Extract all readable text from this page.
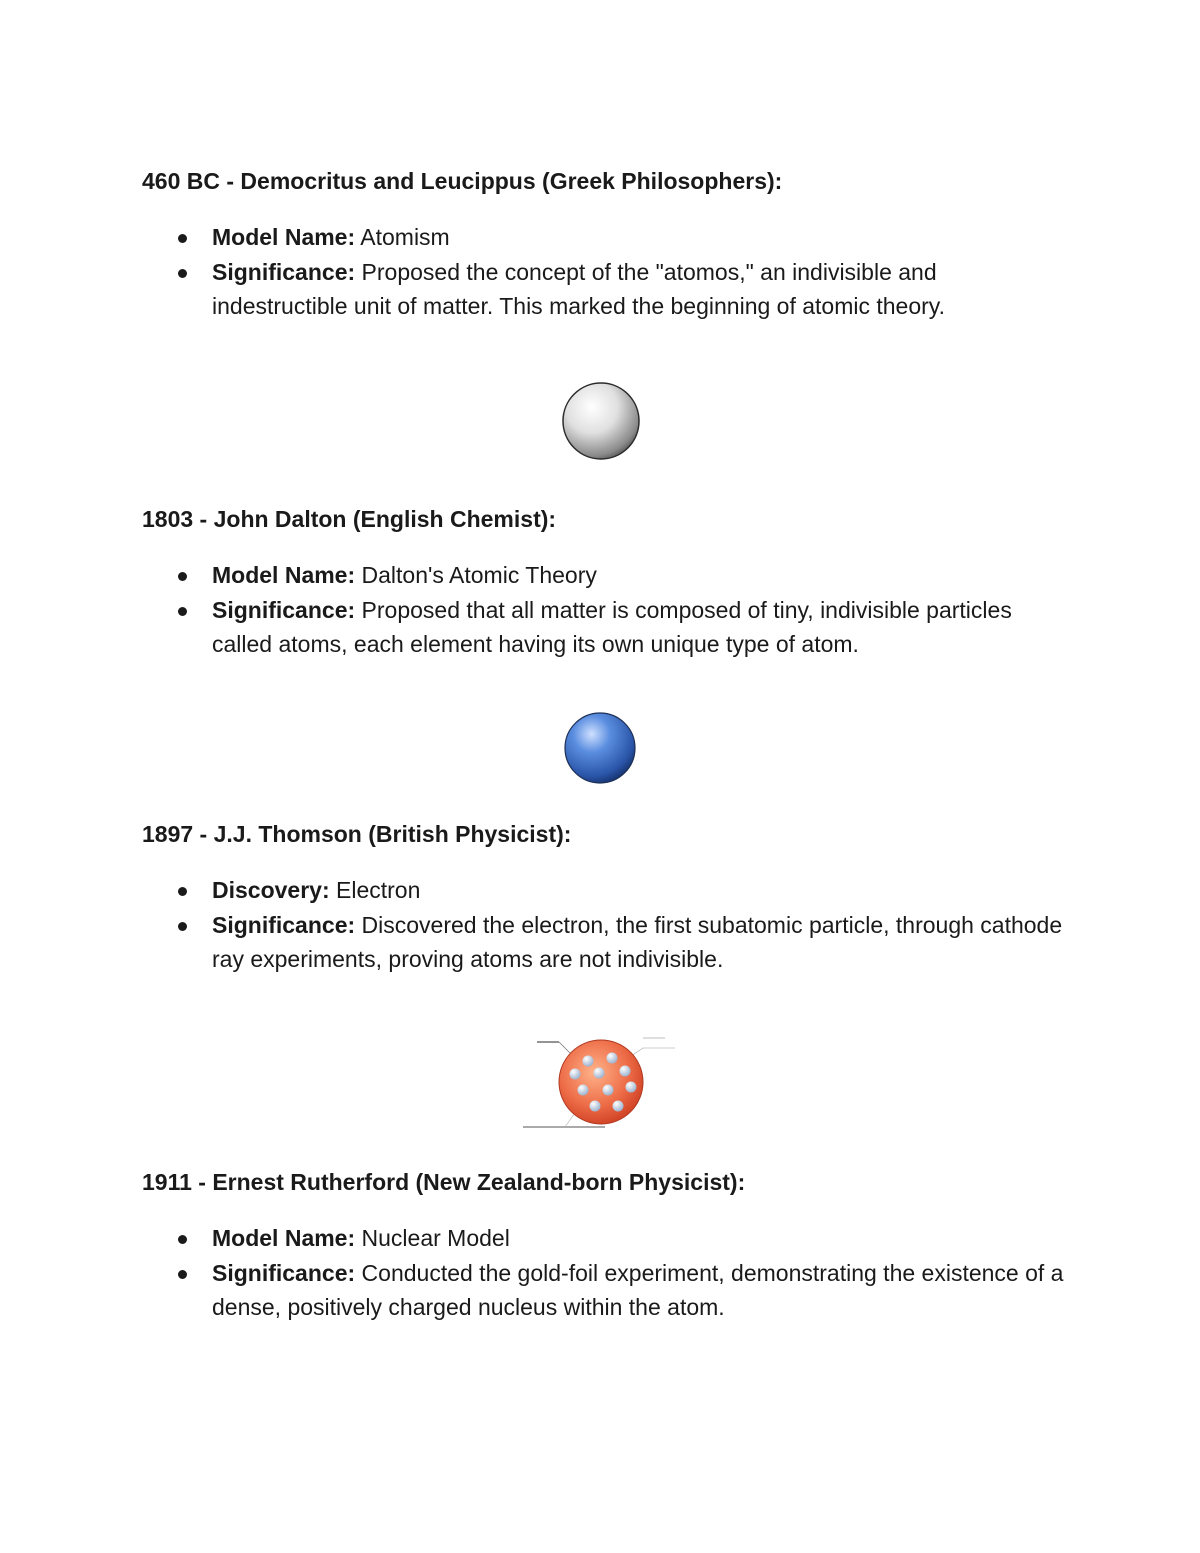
460 BC - Democritus and Leucippus (Greek Philosophers):
Model Name: Atomism
Significance: Proposed the concept of the "atomos," an indivisible and indestructible unit of matter. This marked the beginning of atomic theory.
1803 - John Dalton (English Chemist):
Model Name: Dalton's Atomic Theory
Significance: Proposed that all matter is composed of tiny, indivisible particles called atoms, each element having its own unique type of atom.
1897 - J.J. Thomson (British Physicist):
Discovery: Electron
Significance: Discovered the electron, the first subatomic particle, through cathode ray experiments, proving atoms are not indivisible.
1911 - Ernest Rutherford (New Zealand-born Physicist):
Model Name: Nuclear Model
Significance: Conducted the gold-foil experiment, demonstrating the existence of a dense, positively charged nucleus within the atom.
